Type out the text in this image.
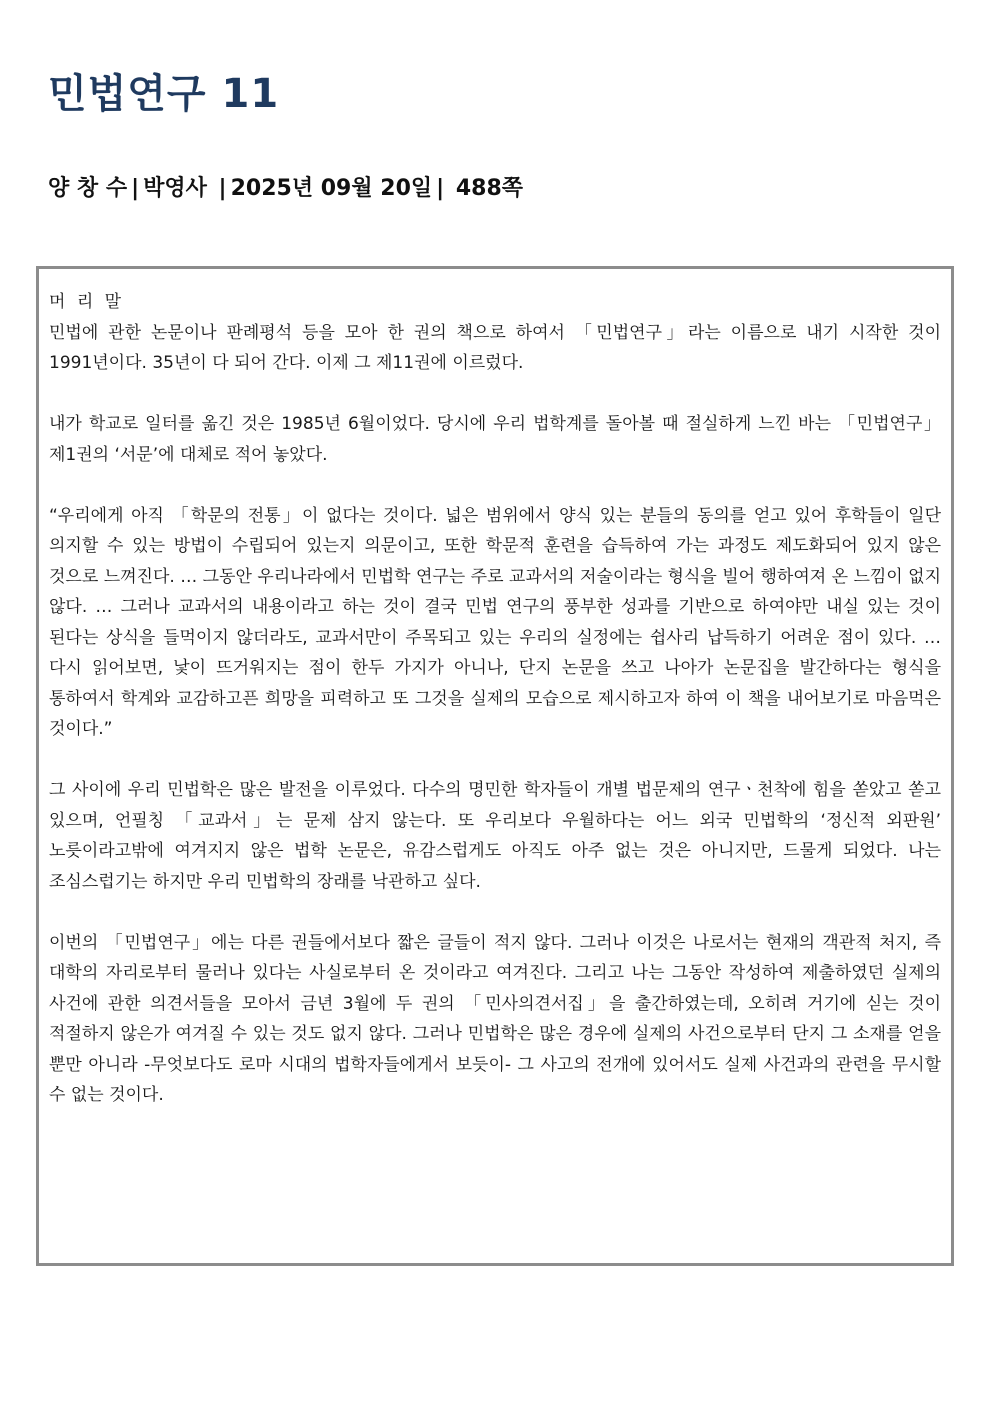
민법연구 11
양 창 수 | 박영사 | 2025년 09월 20일 | 488쪽

머 리 말

민법에 관한 논문이나 판례평석 등을 모아 한 권의 책으로 하여서 「민법연구」라는 이름으로 내기 시작한 것이 1991년이다. 35년이 다 되어 간다. 이제 그 제11권에 이르렀다.

내가 학교로 일터를 옮긴 것은 1985년 6월이었다. 당시에 우리 법학계를 돌아볼 때 절실하게 느낀 바는 「민법연구」 제1권의 ‘서문’에 대체로 적어 놓았다.

“우리에게 아직 「학문의 전통」이 없다는 것이다. 넓은 범위에서 양식 있는 분들의 동의를 얻고 있어 후학들이 일단 의지할 수 있는 방법이 수립되어 있는지 의문이고, 또한 학문적 훈련을 습득하여 가는 과정도 제도화되어 있지 않은 것으로 느껴진다. … 그동안 우리나라에서 민법학 연구는 주로 교과서의 저술이라는 형식을 빌어 행하여져 온 느낌이 없지 않다. … 그러나 교과서의 내용이라고 하는 것이 결국 민법 연구의 풍부한 성과를 기반으로 하여야만 내실 있는 것이 된다는 상식을 들먹이지 않더라도, 교과서만이 주목되고 있는 우리의 실정에는 쉽사리 납득하기 어려운 점이 있다. … 다시 읽어보면, 낯이 뜨거워지는 점이 한두 가지가 아니나, 단지 논문을 쓰고 나아가 논문집을 발간하다는 형식을 통하여서 학계와 교감하고픈 희망을 피력하고 또 그것을 실제의 모습으로 제시하고자 하여 이 책을 내어보기로 마음먹은 것이다.”

그 사이에 우리 민법학은 많은 발전을 이루었다. 다수의 명민한 학자들이 개별 법문제의 연구ㆍ천착에 힘을 쏟았고 쏟고 있으며, 언필칭 「교과서」는 문제 삼지 않는다. 또 우리보다 우월하다는 어느 외국 민법학의 ‘정신적 외판원’ 노릇이라고밖에 여겨지지 않은 법학 논문은, 유감스럽게도 아직도 아주 없는 것은 아니지만, 드물게 되었다. 나는 조심스럽기는 하지만 우리 민법학의 장래를 낙관하고 싶다.

이번의 「민법연구」에는 다른 권들에서보다 짧은 글들이 적지 않다. 그러나 이것은 나로서는 현재의 객관적 처지, 즉 대학의 자리로부터 물러나 있다는 사실로부터 온 것이라고 여겨진다. 그리고 나는 그동안 작성하여 제출하였던 실제의 사건에 관한 의견서들을 모아서 금년 3월에 두 권의 「민사의견서집」을 출간하였는데, 오히려 거기에 싣는 것이 적절하지 않은가 여겨질 수 있는 것도 없지 않다. 그러나 민법학은 많은 경우에 실제의 사건으로부터 단지 그 소재를 얻을 뿐만 아니라 -무엇보다도 로마 시대의 법학자들에게서 보듯이- 그 사고의 전개에 있어서도 실제 사건과의 관련을 무시할 수 없는 것이다.
